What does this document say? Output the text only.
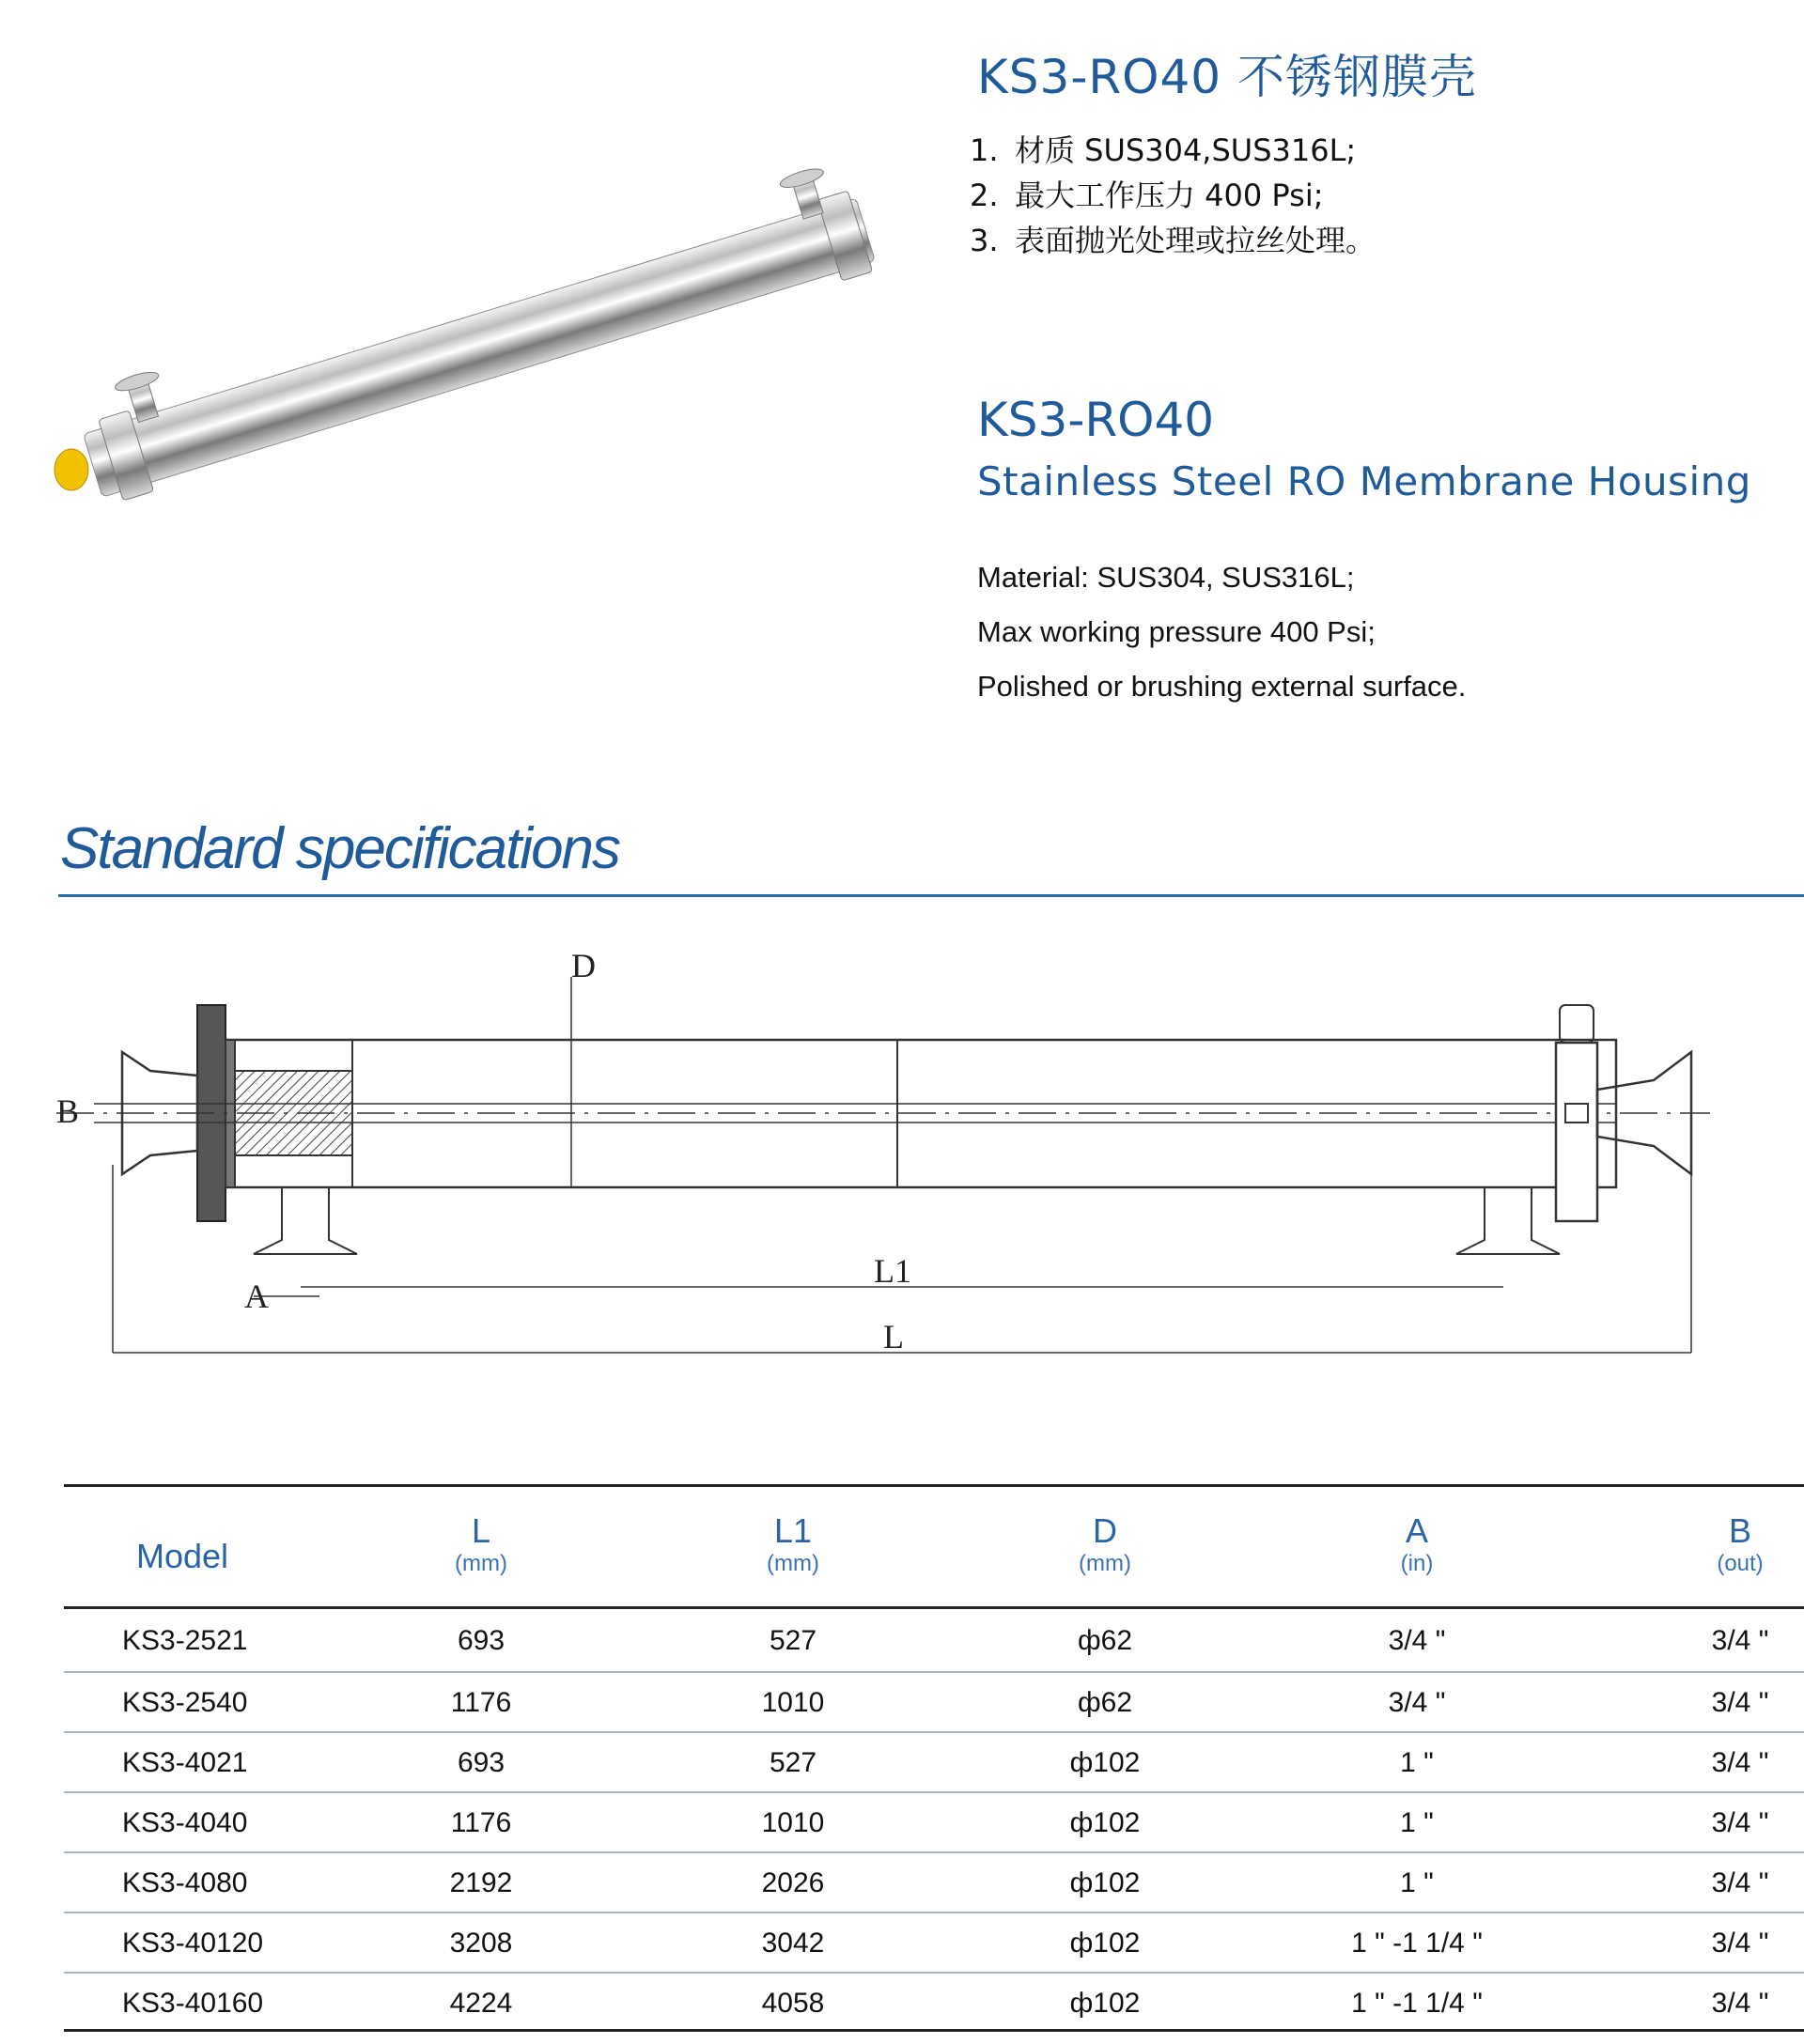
KS3-RO40 不锈钢膜壳
1. 材质 SUS304,SUS316L;
2. 最大工作压力 400 Psi;
3. 表面抛光处理或拉丝处理。
KS3-RO40
Stainless Steel RO Membrane Housing
Material: SUS304, SUS316L;
Max working pressure 400 Psi;
Polished or brushing external surface.
Standard specifications
D
B
A
L1
L
Model
L
(mm)
L1
(mm)
D
(mm)
A
(in)
B
(out)
KS3-2521	693	527	ф62	3/4 "	3/4 "
KS3-2540	1176	1010	ф62	3/4 "	3/4 "
KS3-4021	693	527	ф102	1 "	3/4 "
KS3-4040	1176	1010	ф102	1 "	3/4 "
KS3-4080	2192	2026	ф102	1 "	3/4 "
KS3-40120	3208	3042	ф102	1 " -1 1/4 "	3/4 "
KS3-40160	4224	4058	ф102	1 " -1 1/4 "	3/4 "
